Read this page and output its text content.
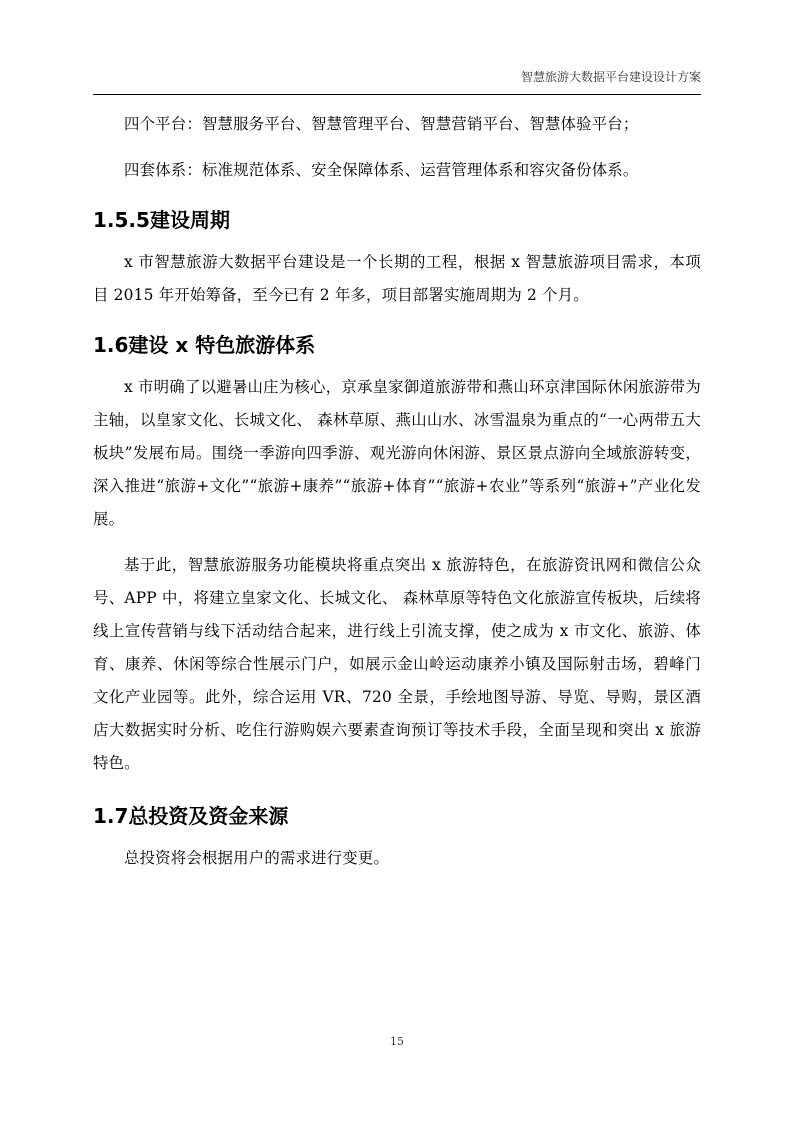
智慧旅游大数据平台建设设计方案

四个平台：智慧服务平台、智慧管理平台、智慧营销平台、智慧体验平台；

四套体系：标准规范体系、安全保障体系、运营管理体系和容灾备份体系。

1.5.5建设周期

x 市智慧旅游大数据平台建设是一个长期的工程，根据 x 智慧旅游项目需求，本项目 2015 年开始筹备，至今已有 2 年多，项目部署实施周期为 2 个月。

1.6建设 x 特色旅游体系

x 市明确了以避暑山庄为核心，京承皇家御道旅游带和燕山环京津国际休闲旅游带为主轴，以皇家文化、长城文化、 森林草原、燕山山水、冰雪温泉为重点的“一心两带五大板块”发展布局。围绕一季游向四季游、观光游向休闲游、景区景点游向全域旅游转变，深入推进“旅游+文化”“旅游+康养”“旅游+体育”“旅游+农业”等系列“旅游+”产业化发展。

基于此，智慧旅游服务功能模块将重点突出 x 旅游特色，在旅游资讯网和微信公众号、APP 中，将建立皇家文化、长城文化、 森林草原等特色文化旅游宣传板块，后续将线上宣传营销与线下活动结合起来，进行线上引流支撑，使之成为 x 市文化、旅游、体育、康养、休闲等综合性展示门户，如展示金山岭运动康养小镇及国际射击场，碧峰门文化产业园等。此外，综合运用 VR、720 全景，手绘地图导游、导览、导购，景区酒店大数据实时分析、吃住行游购娱六要素查询预订等技术手段，全面呈现和突出 x 旅游特色。

1.7总投资及资金来源

总投资将会根据用户的需求进行变更。

15
